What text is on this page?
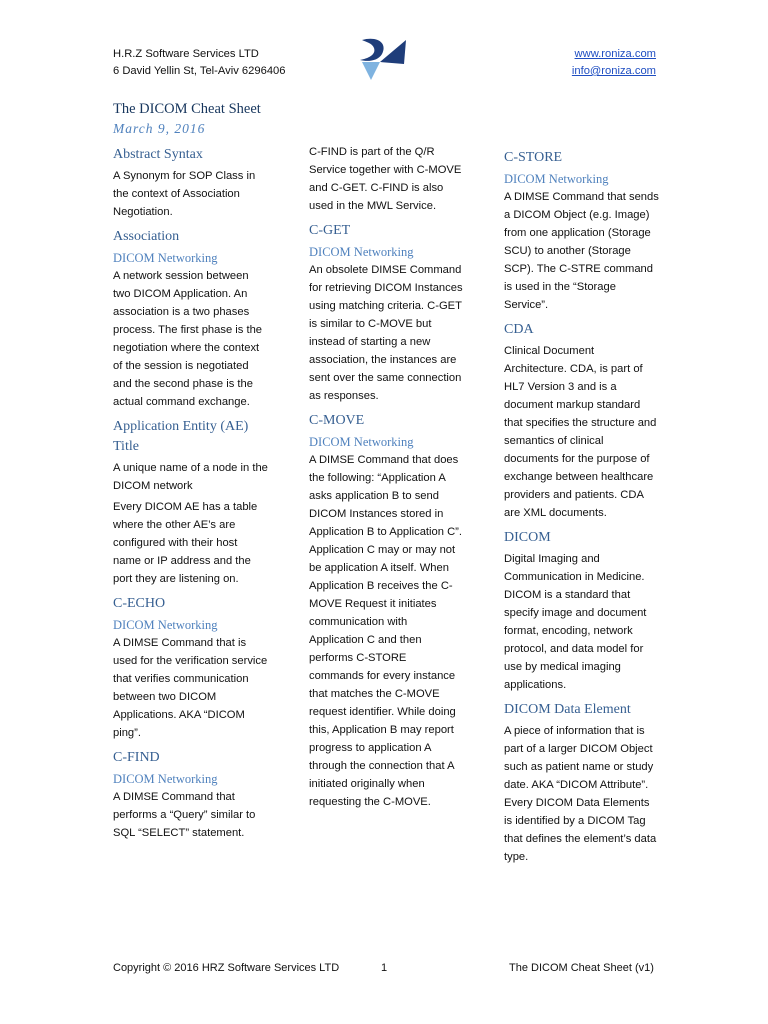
H.R.Z Software Services LTD
6 David Yellin St, Tel-Aviv 6296406
www.roniza.com
info@roniza.com
The DICOM Cheat Sheet
March 9, 2016
Abstract Syntax

A Synonym for SOP Class in the context of Association Negotiation.

Association
DICOM Networking

A network session between two DICOM Application. An association is a two phases process. The first phase is the negotiation where the context of the session is negotiated and the second phase is the actual command exchange.

Application Entity (AE) Title

A unique name of a node in the DICOM network

Every DICOM AE has a table where the other AE’s are configured with their host name or IP address and the port they are listening on.

C-ECHO
DICOM Networking

A DIMSE Command that is used for the verification service that verifies communication between two DICOM Applications. AKA “DICOM ping”.

C-FIND
DICOM Networking

A DIMSE Command that performs a “Query” similar to SQL “SELECT” statement.

C-FIND is part of the Q/R Service together with C-MOVE and C-GET. C-FIND is also used in the MWL Service.

C-GET
DICOM Networking

An obsolete DIMSE Command for retrieving DICOM Instances using matching criteria. C-GET is similar to C-MOVE but instead of starting a new association, the instances are sent over the same connection as responses.

C-MOVE
DICOM Networking

A DIMSE Command that does the following: “Application A asks application B to send DICOM Instances stored in Application B to Application C”. Application C may or may not be application A itself. When Application B receives the C-MOVE Request it initiates communication with Application C and then performs C-STORE commands for every instance that matches the C-MOVE request identifier. While doing this, Application B may report progress to application A through the connection that A initiated originally when requesting the C-MOVE.

C-STORE
DICOM Networking

A DIMSE Command that sends a DICOM Object (e.g. Image) from one application (Storage SCU) to another (Storage SCP). The C-STRE command is used in the “Storage Service”.

CDA

Clinical Document Architecture. CDA, is part of HL7 Version 3 and is a document markup standard that specifies the structure and semantics of clinical documents for the purpose of exchange between healthcare providers and patients. CDA are XML documents.

DICOM

Digital Imaging and Communication in Medicine. DICOM is a standard that specify image and document format, encoding, network protocol, and data model for use by medical imaging applications.

DICOM Data Element

A piece of information that is part of a larger DICOM Object such as patient name or study date. AKA “DICOM Attribute”. Every DICOM Data Elements is identified by a DICOM Tag that defines the element’s data type.

Copyright © 2016 HRZ Software Services LTD	1	The DICOM Cheat Sheet (v1)
